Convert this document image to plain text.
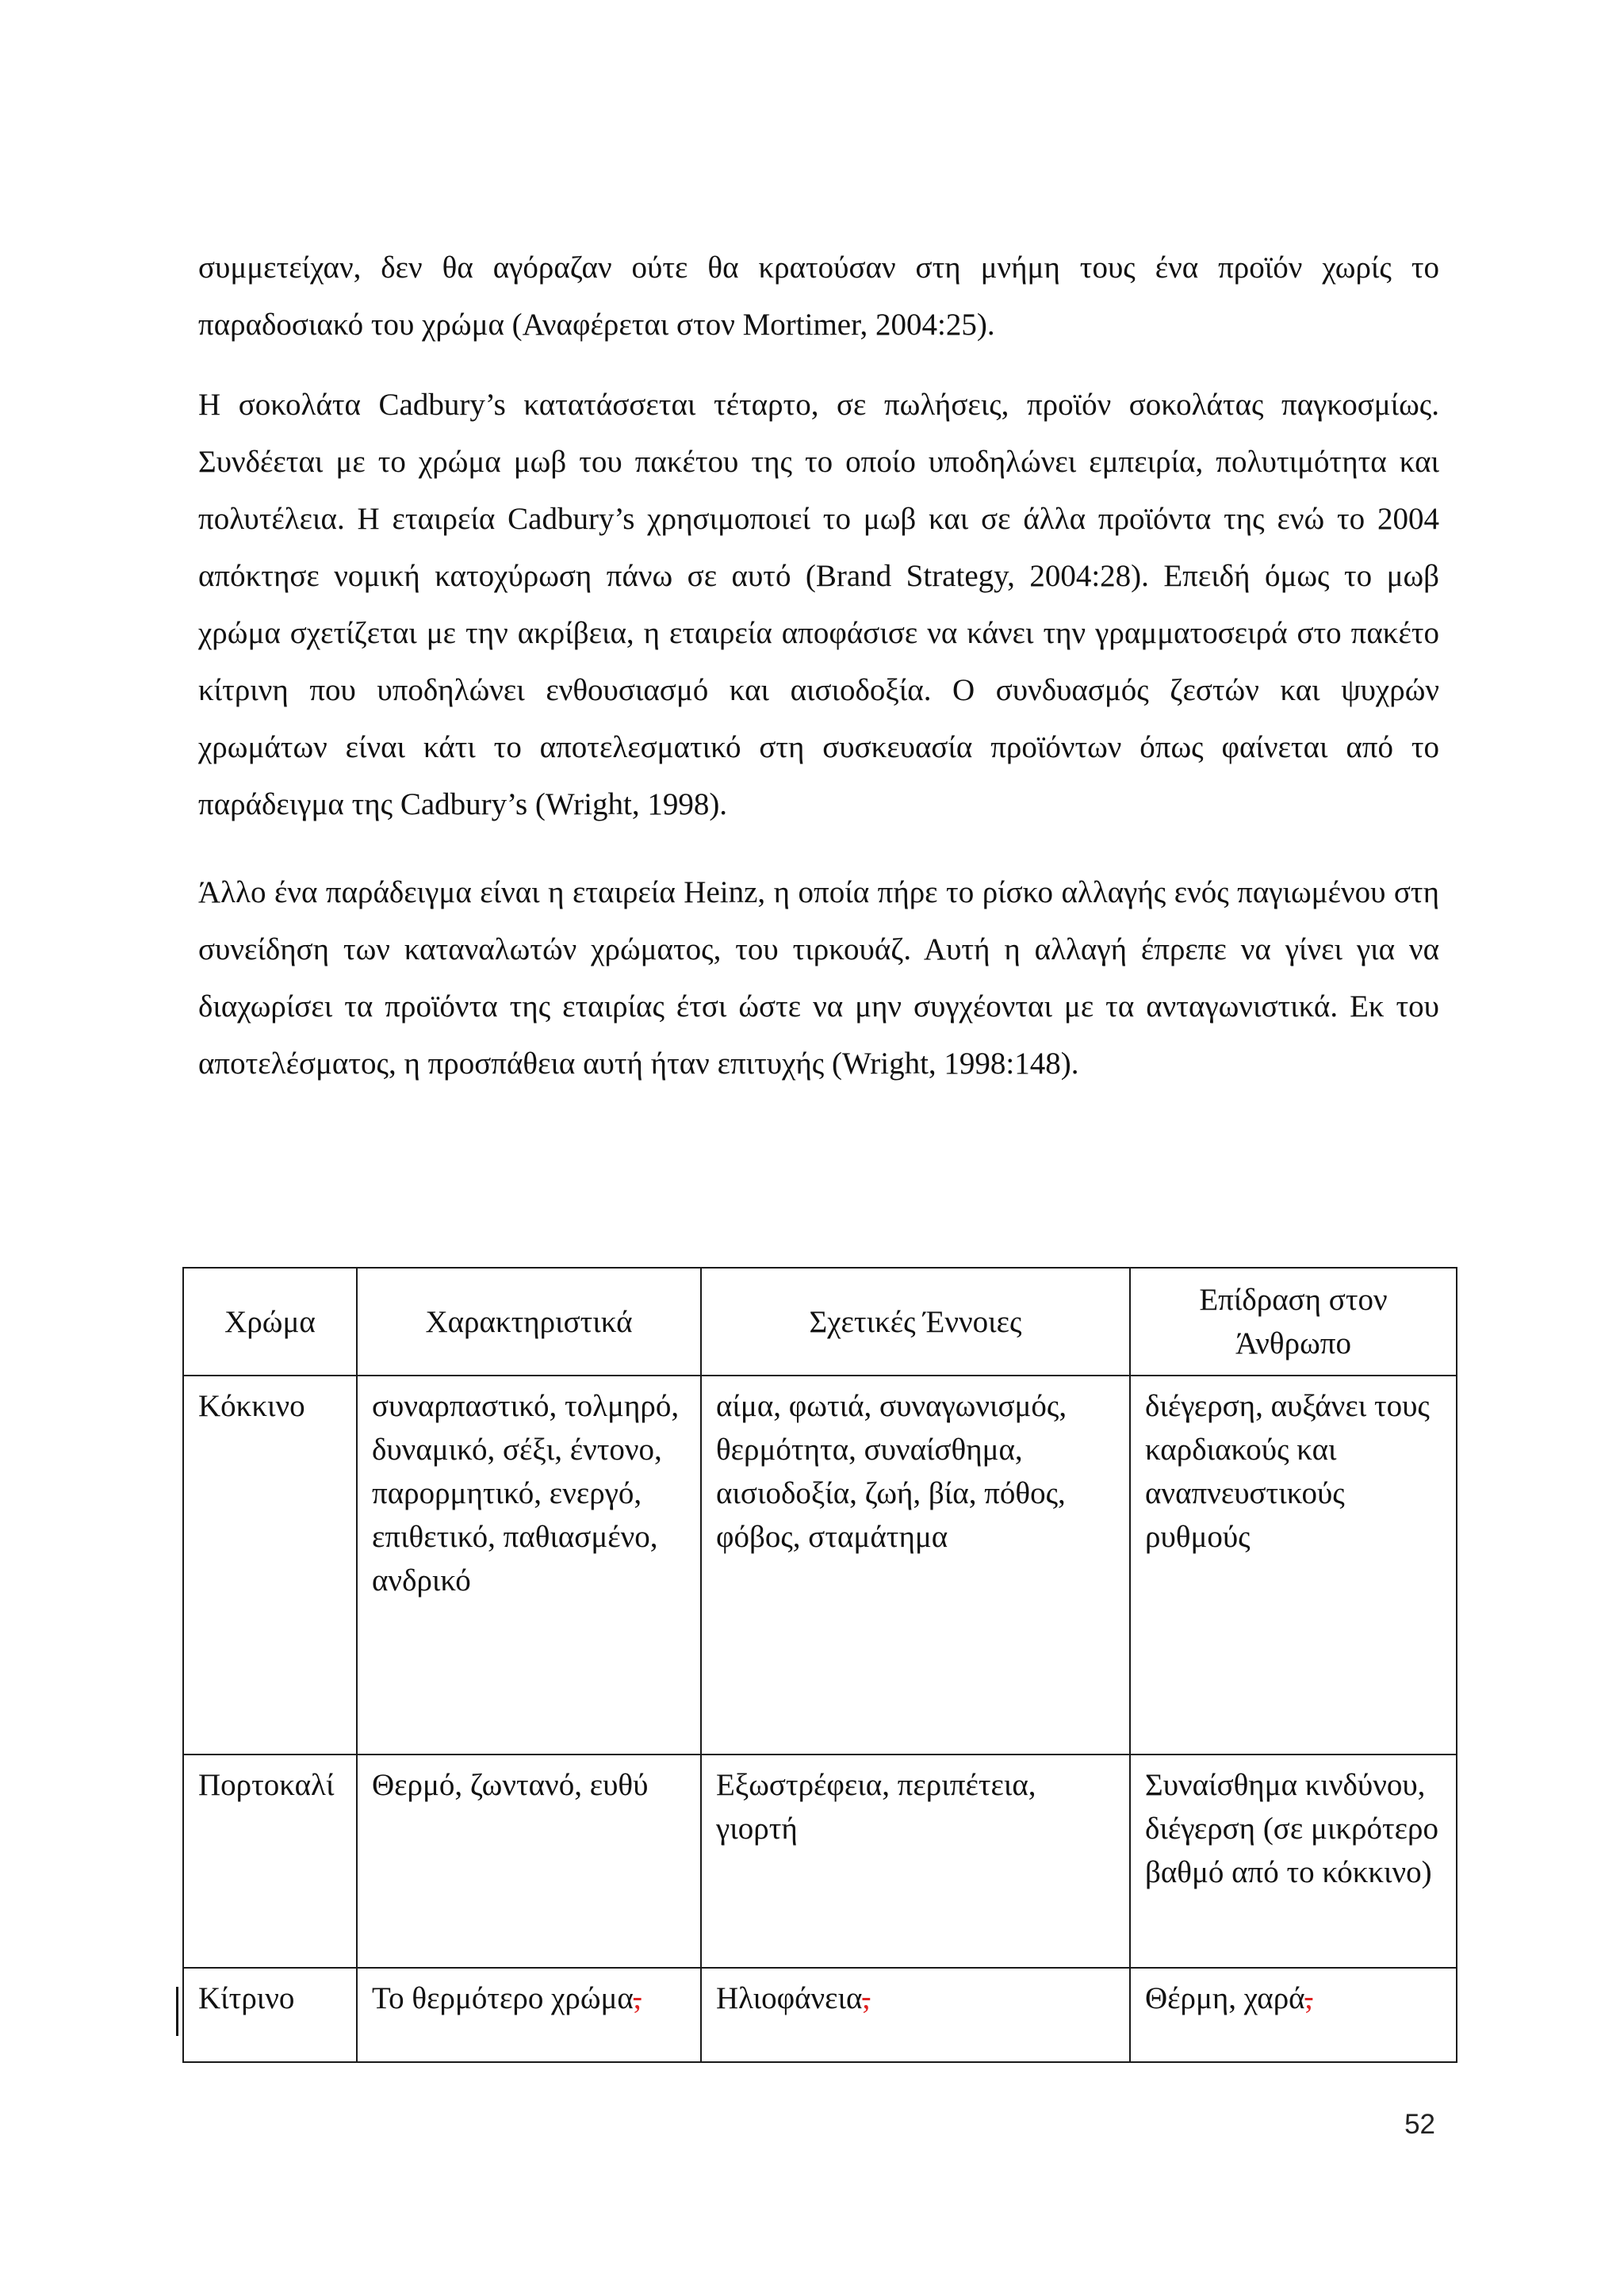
συμμετείχαν, δεν θα αγόραζαν ούτε θα κρατούσαν στη μνήμη τους ένα προϊόν χωρίς το παραδοσιακό του χρώμα (Αναφέρεται στον Mortimer, 2004:25).

Η σοκολάτα Cadbury’s κατατάσσεται τέταρτο, σε πωλήσεις, προϊόν σοκολάτας παγκοσμίως. Συνδέεται με το χρώμα μωβ του πακέτου της το οποίο υποδηλώνει εμπειρία, πολυτιμότητα και πολυτέλεια. Η εταιρεία Cadbury’s χρησιμοποιεί το μωβ και σε άλλα προϊόντα της ενώ το 2004 απόκτησε νομική κατοχύρωση πάνω σε αυτό (Brand Strategy, 2004:28). Επειδή όμως το μωβ χρώμα σχετίζεται με την ακρίβεια, η εταιρεία αποφάσισε να κάνει την γραμματοσειρά στο πακέτο κίτρινη που υποδηλώνει ενθουσιασμό και αισιοδοξία. Ο συνδυασμός ζεστών και ψυχρών χρωμάτων είναι κάτι το αποτελεσματικό στη συσκευασία προϊόντων όπως φαίνεται από το παράδειγμα της Cadbury’s (Wright, 1998).

Άλλο ένα παράδειγμα είναι η εταιρεία Heinz, η οποία πήρε το ρίσκο αλλαγής ενός παγιωμένου στη συνείδηση των καταναλωτών χρώματος, του τιρκουάζ. Αυτή η αλλαγή έπρεπε να γίνει για να διαχωρίσει τα προϊόντα της εταιρίας έτσι ώστε να μην συγχέονται με τα ανταγωνιστικά. Εκ του αποτελέσματος, η προσπάθεια αυτή ήταν επιτυχής (Wright, 1998:148).

Χρώμα	Χαρακτηριστικά	Σχετικές Έννοιες	Επίδραση στον Άνθρωπο
Κόκκινο	συναρπαστικό, τολμηρό, δυναμικό, σέξι, έντονο, παρορμητικό, ενεργό, επιθετικό, παθιασμένο, ανδρικό	αίμα, φωτιά, συναγωνισμός, θερμότητα, συναίσθημα, αισιοδοξία, ζωή, βία, πόθος, φόβος, σταμάτημα	διέγερση, αυξάνει τους καρδιακούς και αναπνευστικούς ρυθμούς
Πορτοκαλί	Θερμό, ζωντανό, ευθύ	Εξωστρέφεια, περιπέτεια, γιορτή	Συναίσθημα κινδύνου, διέγερση (σε μικρότερο βαθμό από το κόκκινο)
Κίτρινο	Το θερμότερο χρώμα,	Ηλιοφάνεια,	Θέρμη, χαρά,
52
